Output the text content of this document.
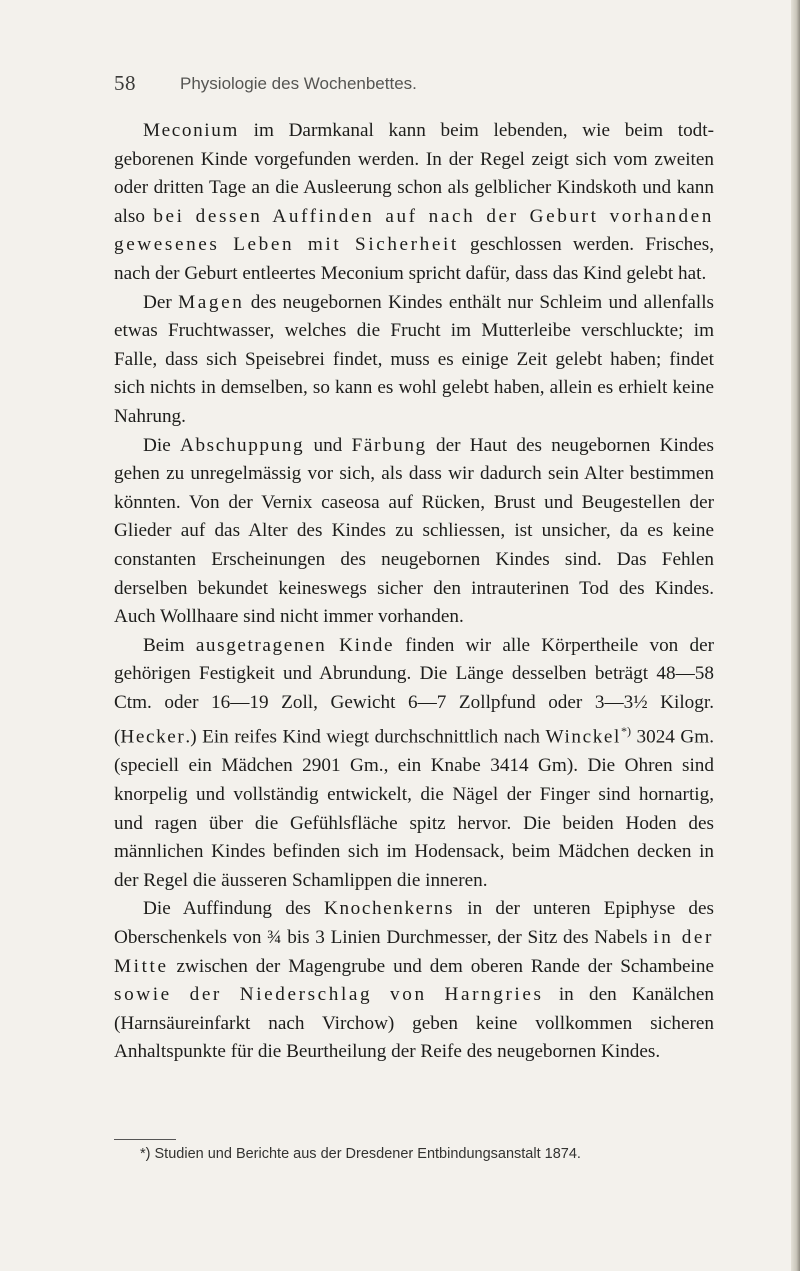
58	Physiologie des Wochenbettes.

Meconium im Darmkanal kann beim lebenden, wie beim todt-geborenen Kinde vorgefunden werden. In der Regel zeigt sich vom zweiten oder dritten Tage an die Ausleerung schon als gelblicher Kindskoth und kann also bei dessen Auffinden auf nach der Geburt vorhanden gewesenes Leben mit Sicherheit geschlossen werden. Frisches, nach der Geburt entleertes Meconium spricht dafür, dass das Kind gelebt hat.

Der Magen des neugebornen Kindes enthält nur Schleim und allenfalls etwas Fruchtwasser, welches die Frucht im Mutterleibe verschluckte; im Falle, dass sich Speisebrei findet, muss es einige Zeit gelebt haben; findet sich nichts in demselben, so kann es wohl gelebt haben, allein es erhielt keine Nahrung.

Die Abschuppung und Färbung der Haut des neugebornen Kindes gehen zu unregelmässig vor sich, als dass wir dadurch sein Alter bestimmen könnten. Von der Vernix caseosa auf Rücken, Brust und Beugestellen der Glieder auf das Alter des Kindes zu schliessen, ist unsicher, da es keine constanten Erscheinungen des neugebornen Kindes sind. Das Fehlen derselben bekundet keineswegs sicher den intrauterinen Tod des Kindes. Auch Wollhaare sind nicht immer vorhanden.

Beim ausgetragenen Kinde finden wir alle Körpertheile von der gehörigen Festigkeit und Abrundung. Die Länge desselben beträgt 48—58 Ctm. oder 16—19 Zoll, Gewicht 6—7 Zollpfund oder 3—3½ Kilogr. (Hecker.) Ein reifes Kind wiegt durchschnittlich nach Winckel*) 3024 Gm. (speciell ein Mädchen 2901 Gm., ein Knabe 3414 Gm). Die Ohren sind knorpelig und vollständig entwickelt, die Nägel der Finger sind hornartig, und ragen über die Gefühlsfläche spitz hervor. Die beiden Hoden des männlichen Kindes befinden sich im Hodensack, beim Mädchen decken in der Regel die äusseren Schamlippen die inneren.

Die Auffindung des Knochenkerns in der unteren Epiphyse des Oberschenkels von ¾ bis 3 Linien Durchmesser, der Sitz des Nabels in der Mitte zwischen der Magengrube und dem oberen Rande der Schambeine sowie der Niederschlag von Harngries in den Kanälchen (Harnsäureinfarkt nach Virchow) geben keine vollkommen sicheren Anhaltspunkte für die Beurtheilung der Reife des neugebornen Kindes.

*) Studien und Berichte aus der Dresdener Entbindungsanstalt 1874.
